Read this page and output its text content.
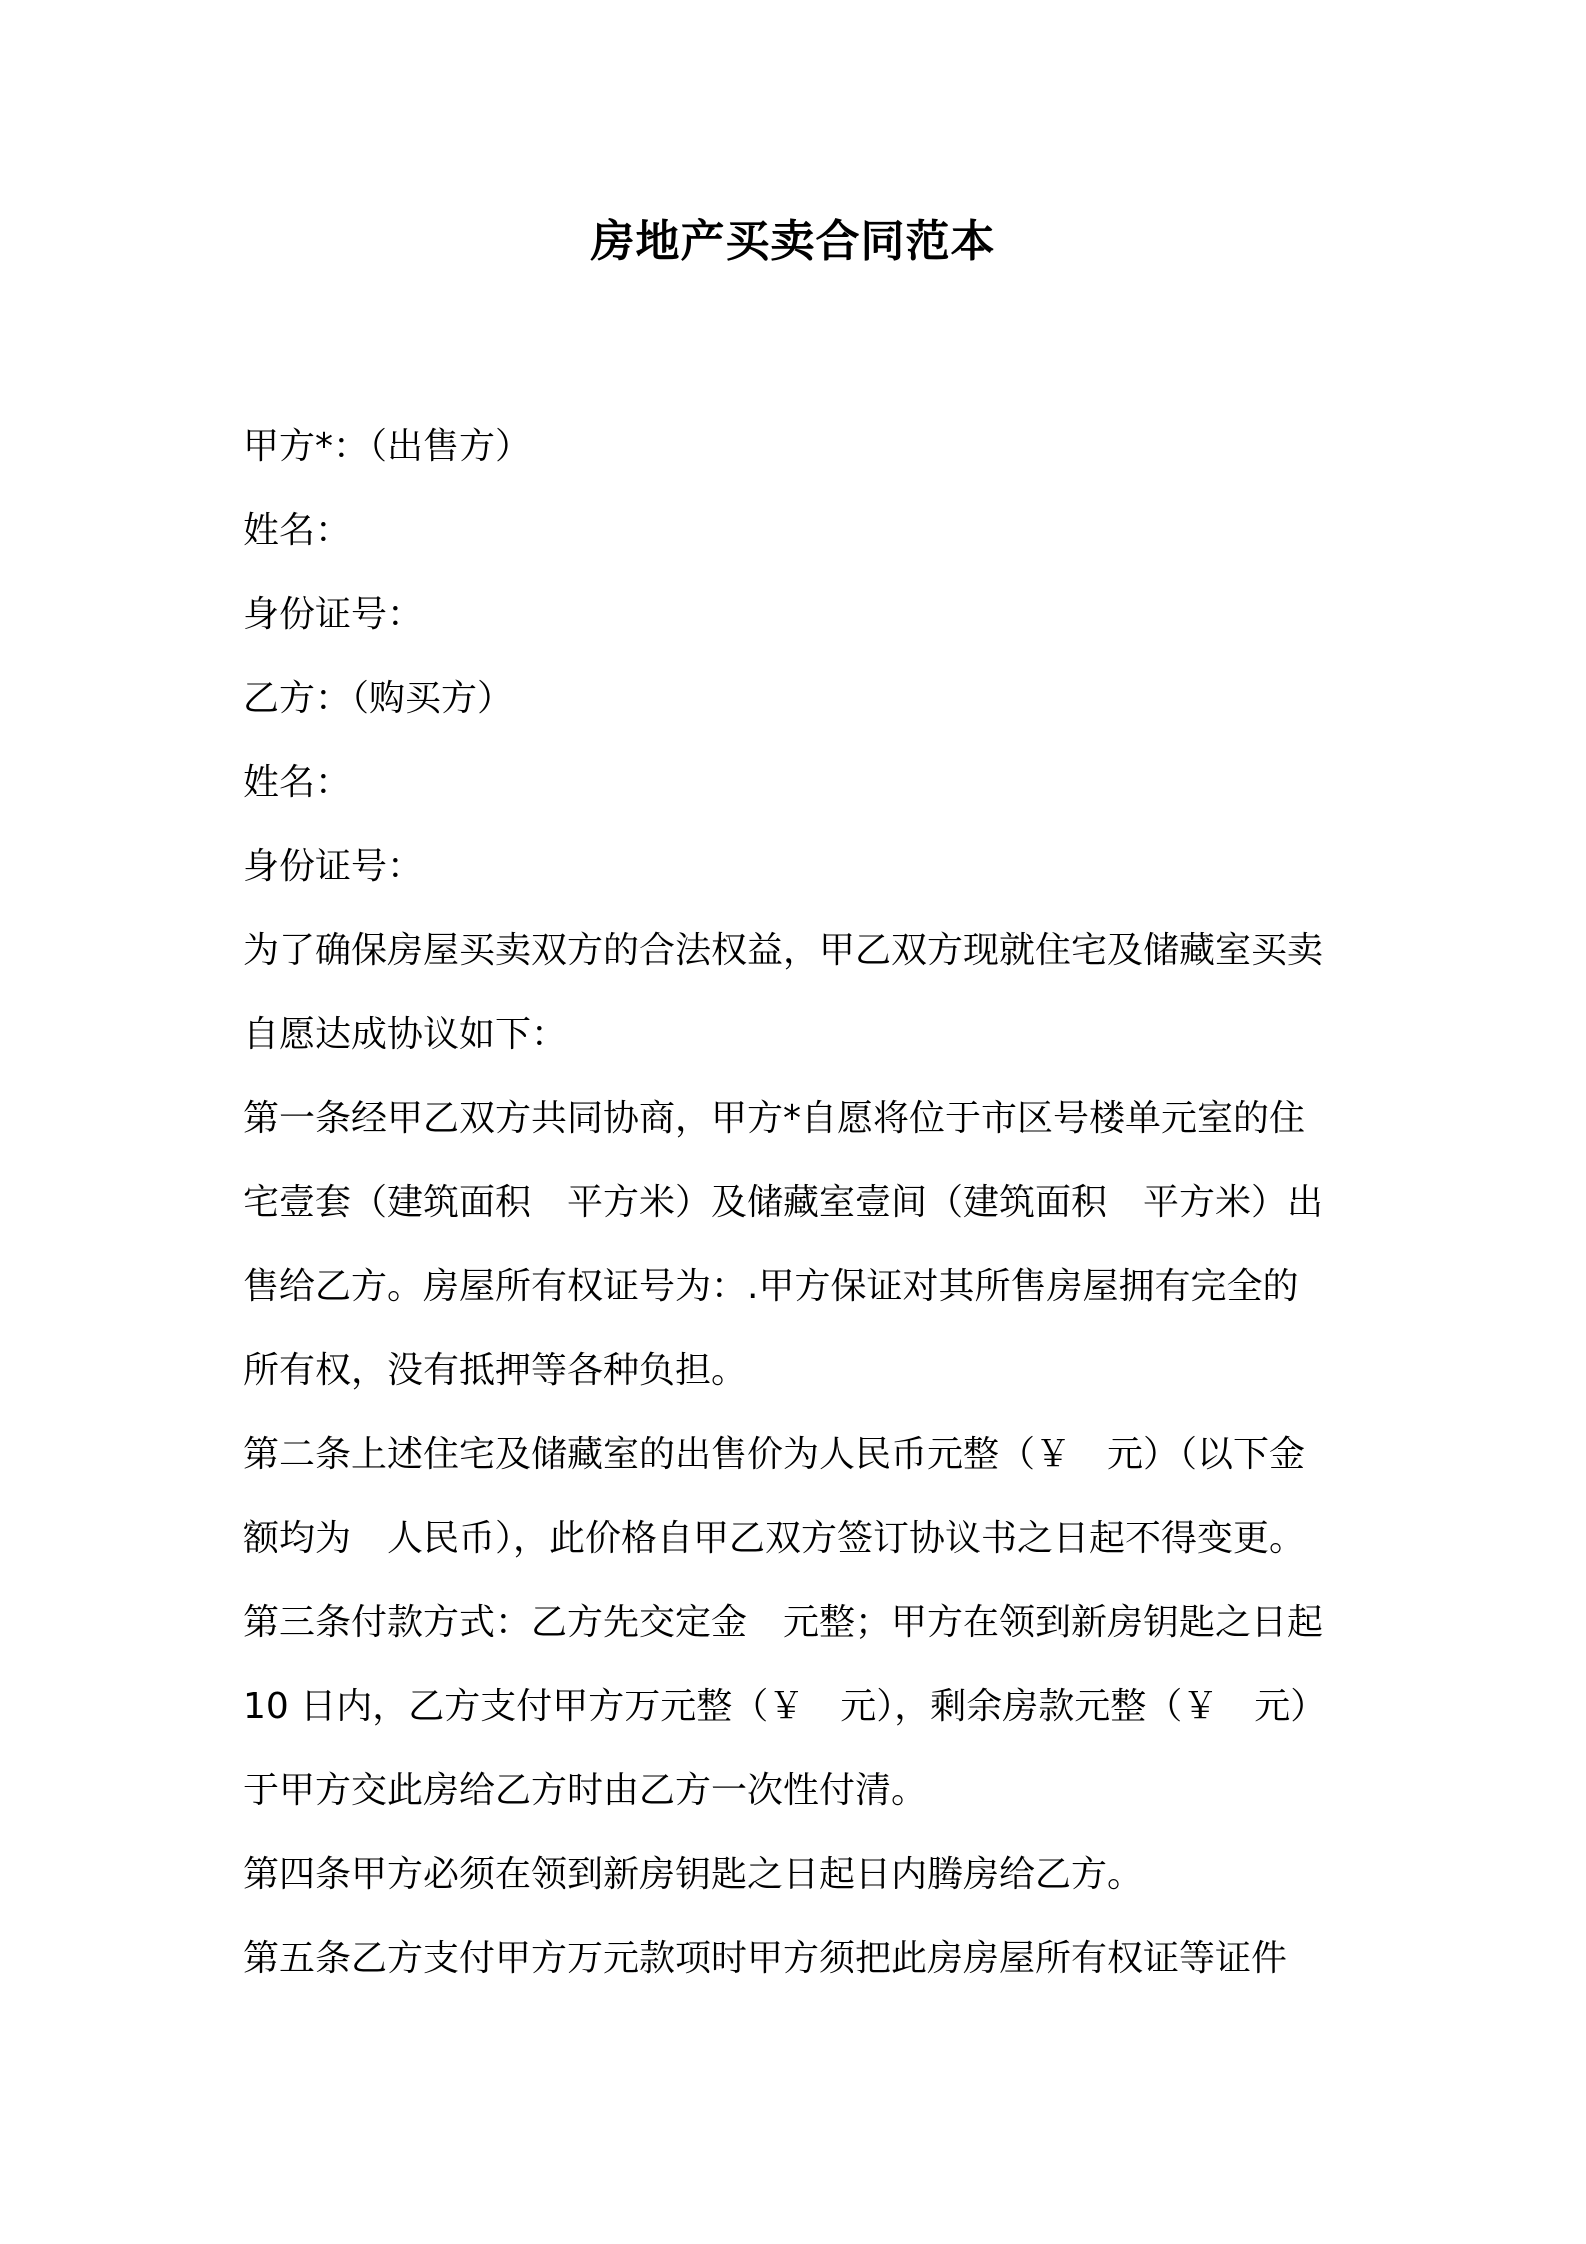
房地产买卖合同范本
甲方*：（出售方）
姓名：
身份证号：
乙方：（购买方）
姓名：
身份证号：
为了确保房屋买卖双方的合法权益，甲乙双方现就住宅及储藏室买卖
自愿达成协议如下：
第一条经甲乙双方共同协商，甲方*自愿将位于市区号楼单元室的住
宅壹套（建筑面积　平方米）及储藏室壹间（建筑面积　平方米）出
售给乙方。房屋所有权证号为：.甲方保证对其所售房屋拥有完全的
所有权，没有抵押等各种负担。
第二条上述住宅及储藏室的出售价为人民币元整（￥　元）（以下金
额均为　人民币），此价格自甲乙双方签订协议书之日起不得变更。
第三条付款方式：乙方先交定金　元整；甲方在领到新房钥匙之日起
10 日内，乙方支付甲方万元整（￥　元），剩余房款元整（￥　元）
于甲方交此房给乙方时由乙方一次性付清。
第四条甲方必须在领到新房钥匙之日起日内腾房给乙方。
第五条乙方支付甲方万元款项时甲方须把此房房屋所有权证等证件
